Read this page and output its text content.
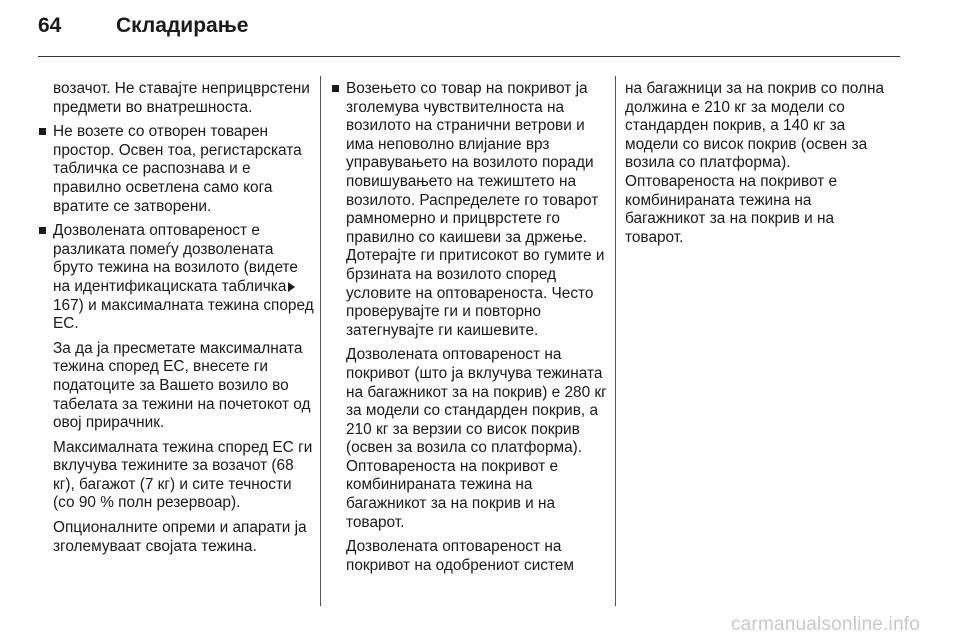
64	Складирање

возачот. Не ставајте неприцврстени предмети во внатрешноста.

Не возете со отворен товарен простор. Освен тоа, регистарската табличка се распознава и е правилно осветлена само кога вратите се затворени.
Дозволената оптовареност е разликата помеѓу дозволената бруто тежина на возилото (видете на идентификациската табличка167) и максималната тежина според ЕС.

За да ја пресметате максималната тежина според ЕС, внесете ги податоците за Вашето возило во табелата за тежини на почетокот од овој прирачник.

Максималната тежина според ЕС ги вклучува тежините за возачот (68 кг), багажот (7 кг) и сите течности (со 90 % полн резервоар).

Опционалните опреми и апарати ја зголемуваат својата тежина.

Возењето со товар на покривот ја зголемува чувствителноста на возилото на странични ветрови и има неповолно влијание врз управувањето на возилото поради повишувањето на тежиштето на возилото. Распределете го товарот рамномерно и прицврстете го правилно со каишеви за држење. Дотерајте ги притисокот во гумите и брзината на возилото според условите на оптовареноста. Често проверувајте ги и повторно затегнувајте ги каишевите.

Дозволената оптовареност на покривот (што ја вклучува тежината на багажникот за на покрив) е 280 кг за модели со стандарден покрив, а 210 кг за верзии со висок покрив (освен за возила со платформа). Оптовареноста на покривот е комбинираната тежина на багажникот за на покрив и на товарот.

Дозволената оптовареност на покривот на одобрениот систем

на багажници за на покрив со полна должина е 210 кг за модели со стандарден покрив, а 140 кг за модели со висок покрив (освен за возила со платформа). Оптовареноста на покривот е комбинираната тежина на багажникот за на покрив и на товарот.

carmanualsonline.info
